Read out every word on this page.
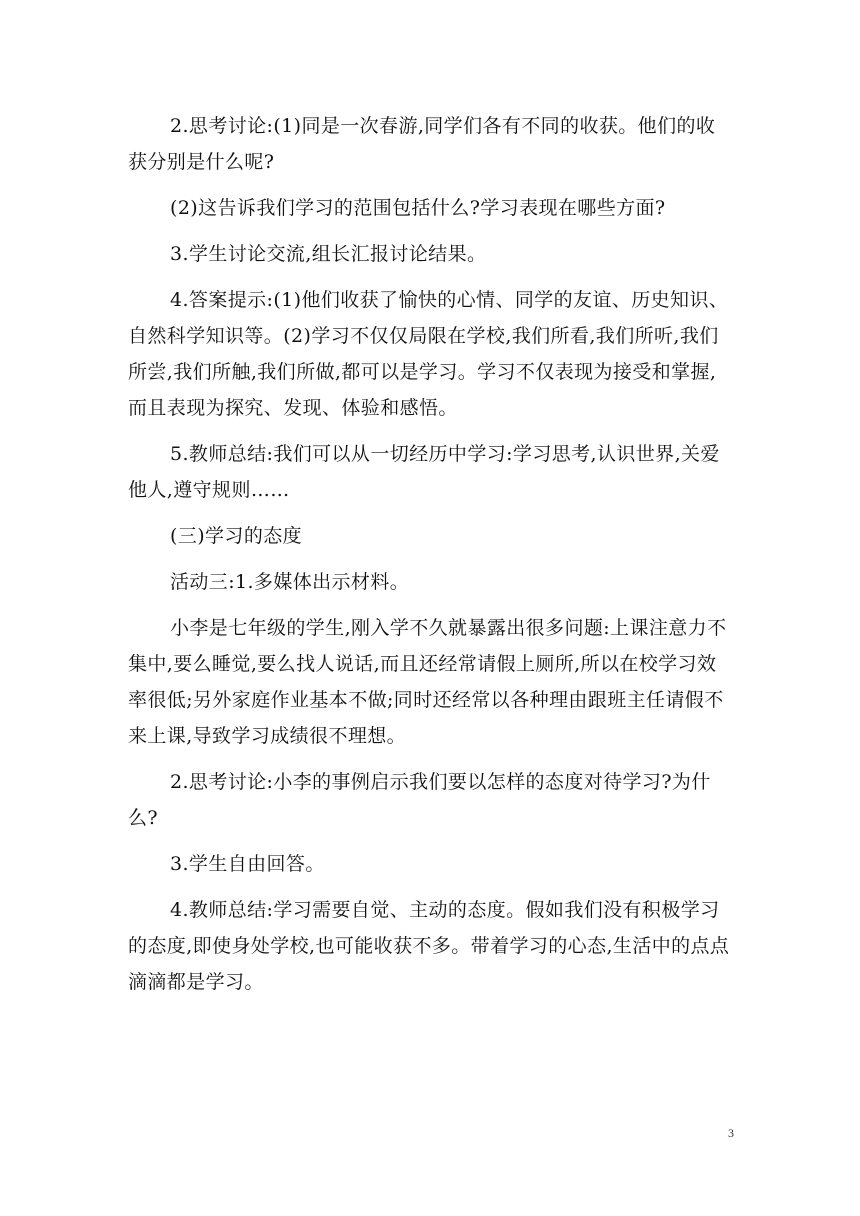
2.思考讨论:(1)同是一次春游,同学们各有不同的收获。他们的收获分别是什么呢?

(2)这告诉我们学习的范围包括什么?学习表现在哪些方面?

3.学生讨论交流,组长汇报讨论结果。

4.答案提示:(1)他们收获了愉快的心情、同学的友谊、历史知识、自然科学知识等。(2)学习不仅仅局限在学校,我们所看,我们所听,我们所尝,我们所触,我们所做,都可以是学习。学习不仅表现为接受和掌握,而且表现为探究、发现、体验和感悟。

5.教师总结:我们可以从一切经历中学习:学习思考,认识世界,关爱他人,遵守规则……

(三)学习的态度

活动三:1.多媒体出示材料。

小李是七年级的学生,刚入学不久就暴露出很多问题:上课注意力不集中,要么睡觉,要么找人说话,而且还经常请假上厕所,所以在校学习效率很低;另外家庭作业基本不做;同时还经常以各种理由跟班主任请假不来上课,导致学习成绩很不理想。

2.思考讨论:小李的事例启示我们要以怎样的态度对待学习?为什么?

3.学生自由回答。

4.教师总结:学习需要自觉、主动的态度。假如我们没有积极学习的态度,即使身处学校,也可能收获不多。带着学习的心态,生活中的点点滴滴都是学习。

3
